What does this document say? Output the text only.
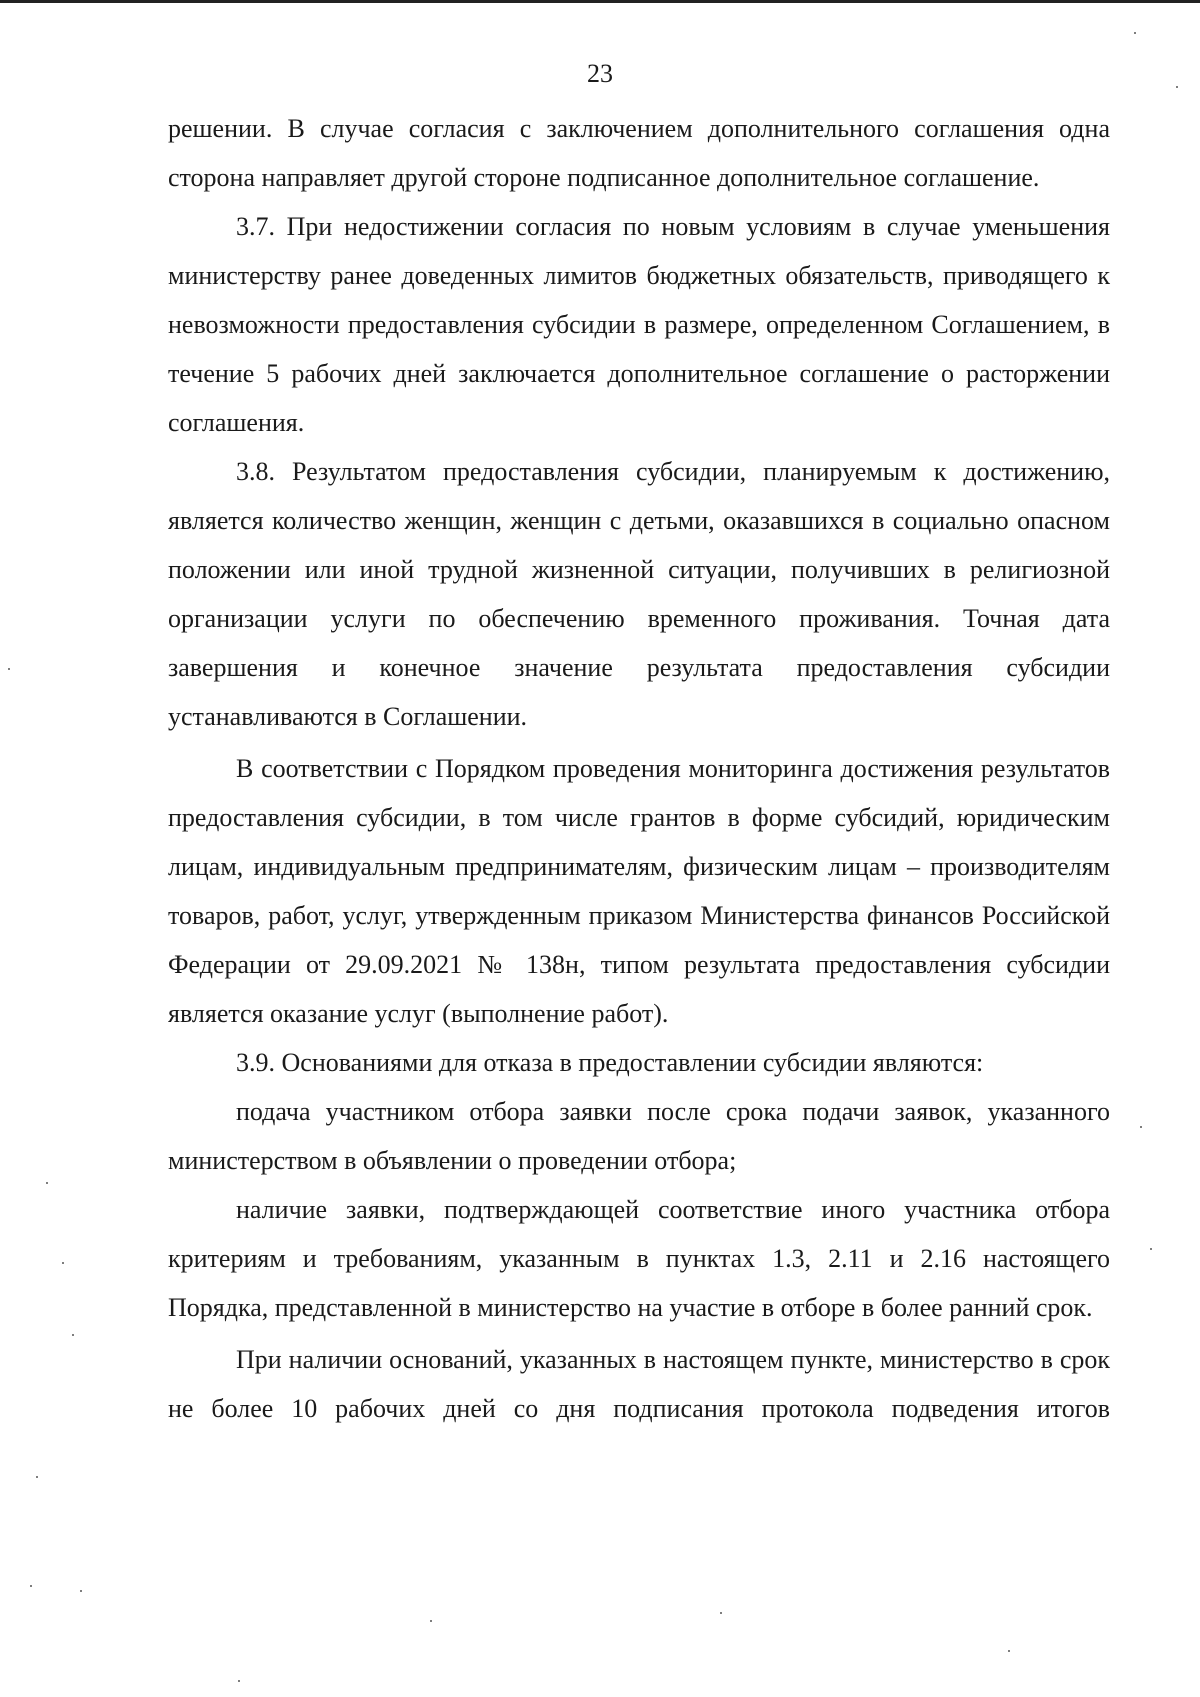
23

решении. В случае согласия с заключением дополнительного соглашения одна сторона направляет другой стороне подписанное дополнительное соглашение.

3.7. При недостижении согласия по новым условиям в случае уменьшения министерству ранее доведенных лимитов бюджетных обязательств, приводящего к невозможности предоставления субсидии в размере, определенном Соглашением, в течение 5 рабочих дней заключается дополнительное соглашение о расторжении соглашения.

3.8. Результатом предоставления субсидии, планируемым к достижению, является количество женщин, женщин с детьми, оказавшихся в социально опасном положении или иной трудной жизненной ситуации, получивших в религиозной организации услуги по обеспечению временного проживания. Точная дата завершения и конечное значение результата предоставления субсидии устанавливаются в Соглашении.

В соответствии с Порядком проведения мониторинга достижения результатов предоставления субсидии, в том числе грантов в форме субсидий, юридическим лицам, индивидуальным предпринимателям, физическим лицам – производителям товаров, работ, услуг, утвержденным приказом Министерства финансов Российской Федерации от 29.09.2021 № 138н, типом результата предоставления субсидии является оказание услуг (выполнение работ).

3.9. Основаниями для отказа в предоставлении субсидии являются:

подача участником отбора заявки после срока подачи заявок, указанного министерством в объявлении о проведении отбора;

наличие заявки, подтверждающей соответствие иного участника отбора критериям и требованиям, указанным в пунктах 1.3, 2.11 и 2.16 настоящего Порядка, представленной в министерство на участие в отборе в более ранний срок.

При наличии оснований, указанных в настоящем пункте, министерство в срок не более 10 рабочих дней со дня подписания протокола подведения итогов
